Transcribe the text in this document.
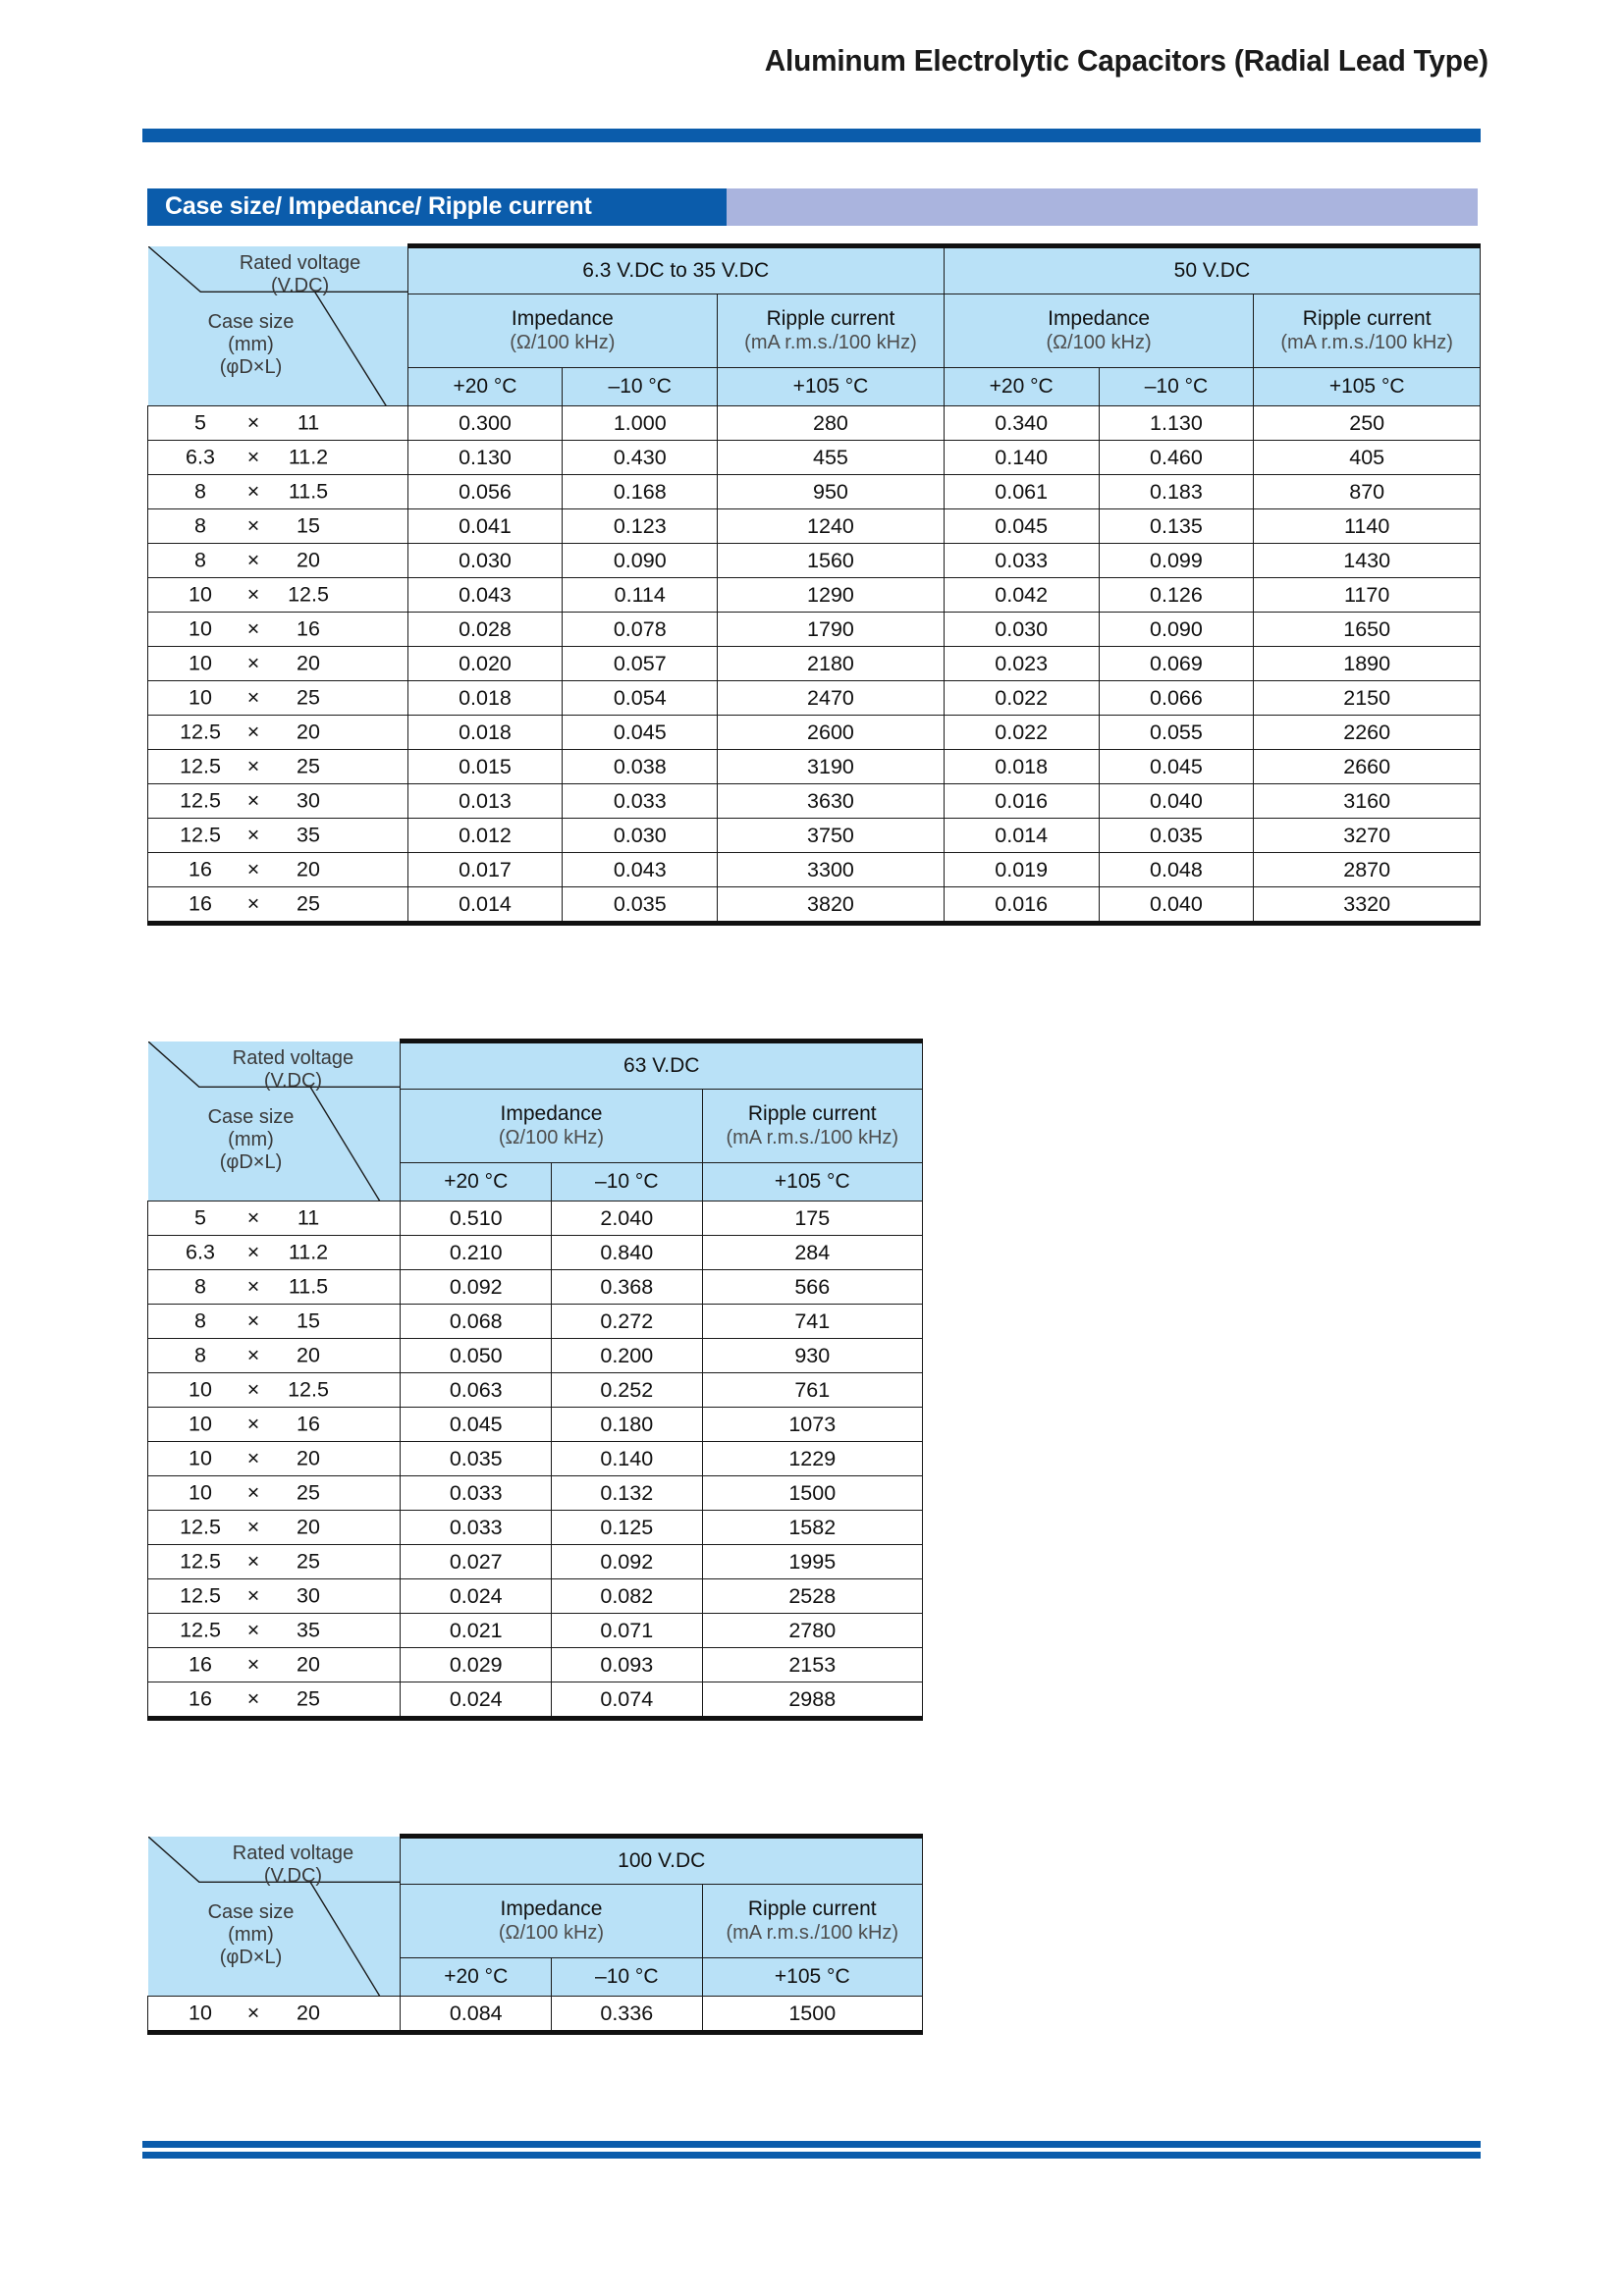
Aluminum Electrolytic Capacitors (Radial Lead Type)
Case size/ Impedance/ Ripple current
Rated voltage
(V.DC)
Case size
(mm)
(φD×L)	6.3 V.DC to 35 V.DC			50 V.DC		

	Impedance
(Ω/100 kHz)		Ripple current
(mA r.m.s./100 kHz)	Impedance
(Ω/100 kHz)		Ripple current
(mA r.m.s./100 kHz)

	+20 °C	–10 °C	+105 °C	+20 °C	–10 °C	+105 °C

5 × 11	0.300	1.000	280	0.340	1.130	250

6.3 × 11.2	0.130	0.430	455	0.140	0.460	405

8 × 11.5	0.056	0.168	950	0.061	0.183	870

8 × 15	0.041	0.123	1240	0.045	0.135	1140

8 × 20	0.030	0.090	1560	0.033	0.099	1430

10 × 12.5	0.043	0.114	1290	0.042	0.126	1170

10 × 16	0.028	0.078	1790	0.030	0.090	1650

10 × 20	0.020	0.057	2180	0.023	0.069	1890

10 × 25	0.018	0.054	2470	0.022	0.066	2150

12.5 × 20	0.018	0.045	2600	0.022	0.055	2260

12.5 × 25	0.015	0.038	3190	0.018	0.045	2660

12.5 × 30	0.013	0.033	3630	0.016	0.040	3160

12.5 × 35	0.012	0.030	3750	0.014	0.035	3270

16 × 20	0.017	0.043	3300	0.019	0.048	2870

16 × 25	0.014	0.035	3820	0.016	0.040	3320
Rated voltage
(V.DC)
Case size
(mm)
(φD×L)	63 V.DC		

	Impedance
(Ω/100 kHz)		Ripple current
(mA r.m.s./100 kHz)

	+20 °C	–10 °C	+105 °C

5 × 11	0.510	2.040	175

6.3 × 11.2	0.210	0.840	284

8 × 11.5	0.092	0.368	566

8 × 15	0.068	0.272	741

8 × 20	0.050	0.200	930

10 × 12.5	0.063	0.252	761

10 × 16	0.045	0.180	1073

10 × 20	0.035	0.140	1229

10 × 25	0.033	0.132	1500

12.5 × 20	0.033	0.125	1582

12.5 × 25	0.027	0.092	1995

12.5 × 30	0.024	0.082	2528

12.5 × 35	0.021	0.071	2780

16 × 20	0.029	0.093	2153

16 × 25	0.024	0.074	2988
Rated voltage
(V.DC)
Case size
(mm)
(φD×L)	100 V.DC		

	Impedance
(Ω/100 kHz)		Ripple current
(mA r.m.s./100 kHz)

	+20 °C	–10 °C	+105 °C

10 × 20	0.084	0.336	1500
